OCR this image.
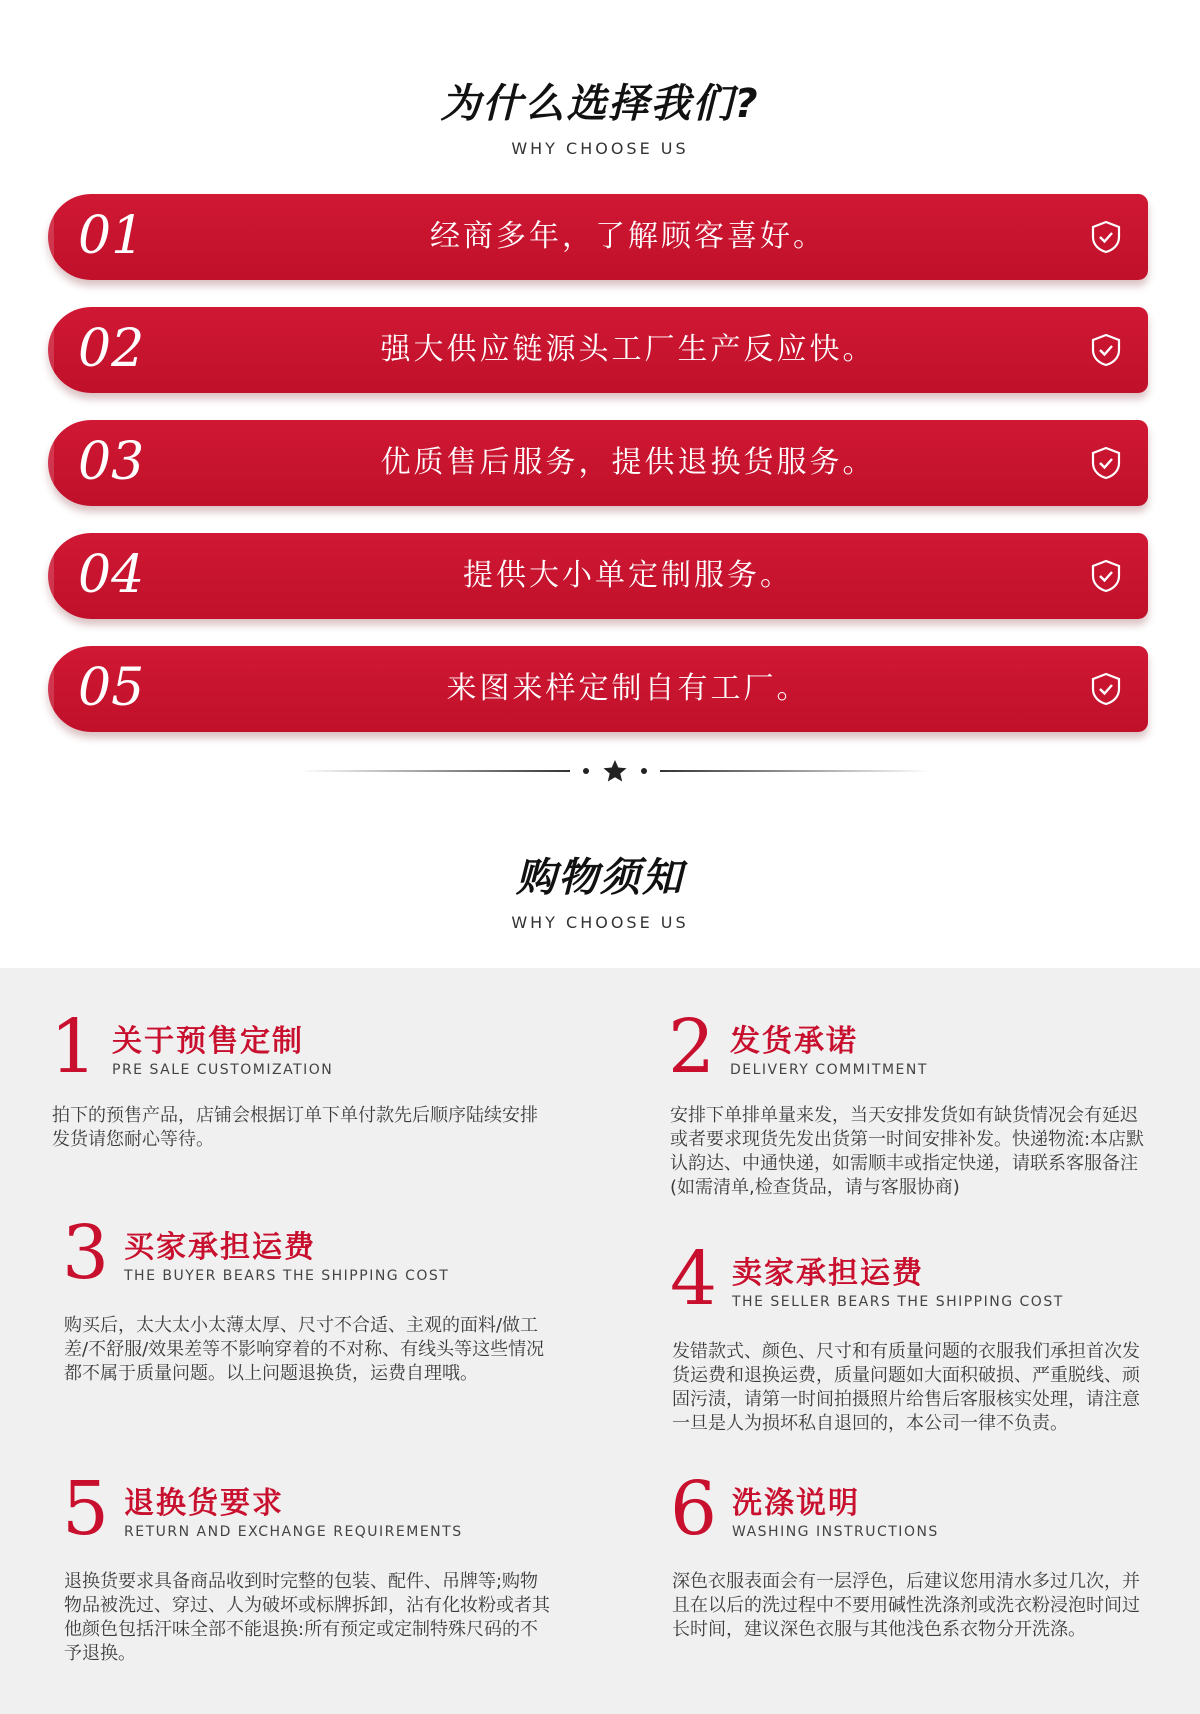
为什么选择我们?
WHY CHOOSE US
01	经商多年，了解顾客喜好。
02	强大供应链源头工厂生产反应快。
03	优质售后服务，提供退换货服务。
04	提供大小单定制服务。
05	来图来样定制自有工厂。
购物须知
WHY CHOOSE US
1 关于预售定制
PRE SALE CUSTOMIZATION
拍下的预售产品，店铺会根据订单下单付款先后顺序陆续安排发货请您耐心等待。
2 发货承诺
DELIVERY COMMITMENT
安排下单排单量来发，当天安排发货如有缺货情况会有延迟或者要求现货先发出货第一时间安排补发。快递物流:本店默认韵达、中通快递，如需顺丰或指定快递，请联系客服备注(如需清单,检查货品，请与客服协商)
3 买家承担运费
THE BUYER BEARS THE SHIPPING COST
购买后，太大太小太薄太厚、尺寸不合适、主观的面料/做工差/不舒服/效果差等不影响穿着的不对称、有线头等这些情况都不属于质量问题。以上问题退换货，运费自理哦。
4 卖家承担运费
THE SELLER BEARS THE SHIPPING COST
发错款式、颜色、尺寸和有质量问题的衣服我们承担首次发货运费和退换运费，质量问题如大面积破损、严重脱线、顽固污渍，请第一时间拍摄照片给售后客服核实处理，请注意一旦是人为损坏私自退回的，本公司一律不负责。
5 退换货要求
RETURN AND EXCHANGE REQUIREMENTS
退换货要求具备商品收到时完整的包装、配件、吊牌等;购物物品被洗过、穿过、人为破坏或标牌拆卸，沾有化妆粉或者其他颜色包括汗味全部不能退换:所有预定或定制特殊尺码的不予退换。
6 洗涤说明
WASHING INSTRUCTIONS
深色衣服表面会有一层浮色，后建议您用清水多过几次，并且在以后的洗过程中不要用碱性洗涤剂或洗衣粉浸泡时间过长时间，建议深色衣服与其他浅色系衣物分开洗涤。
